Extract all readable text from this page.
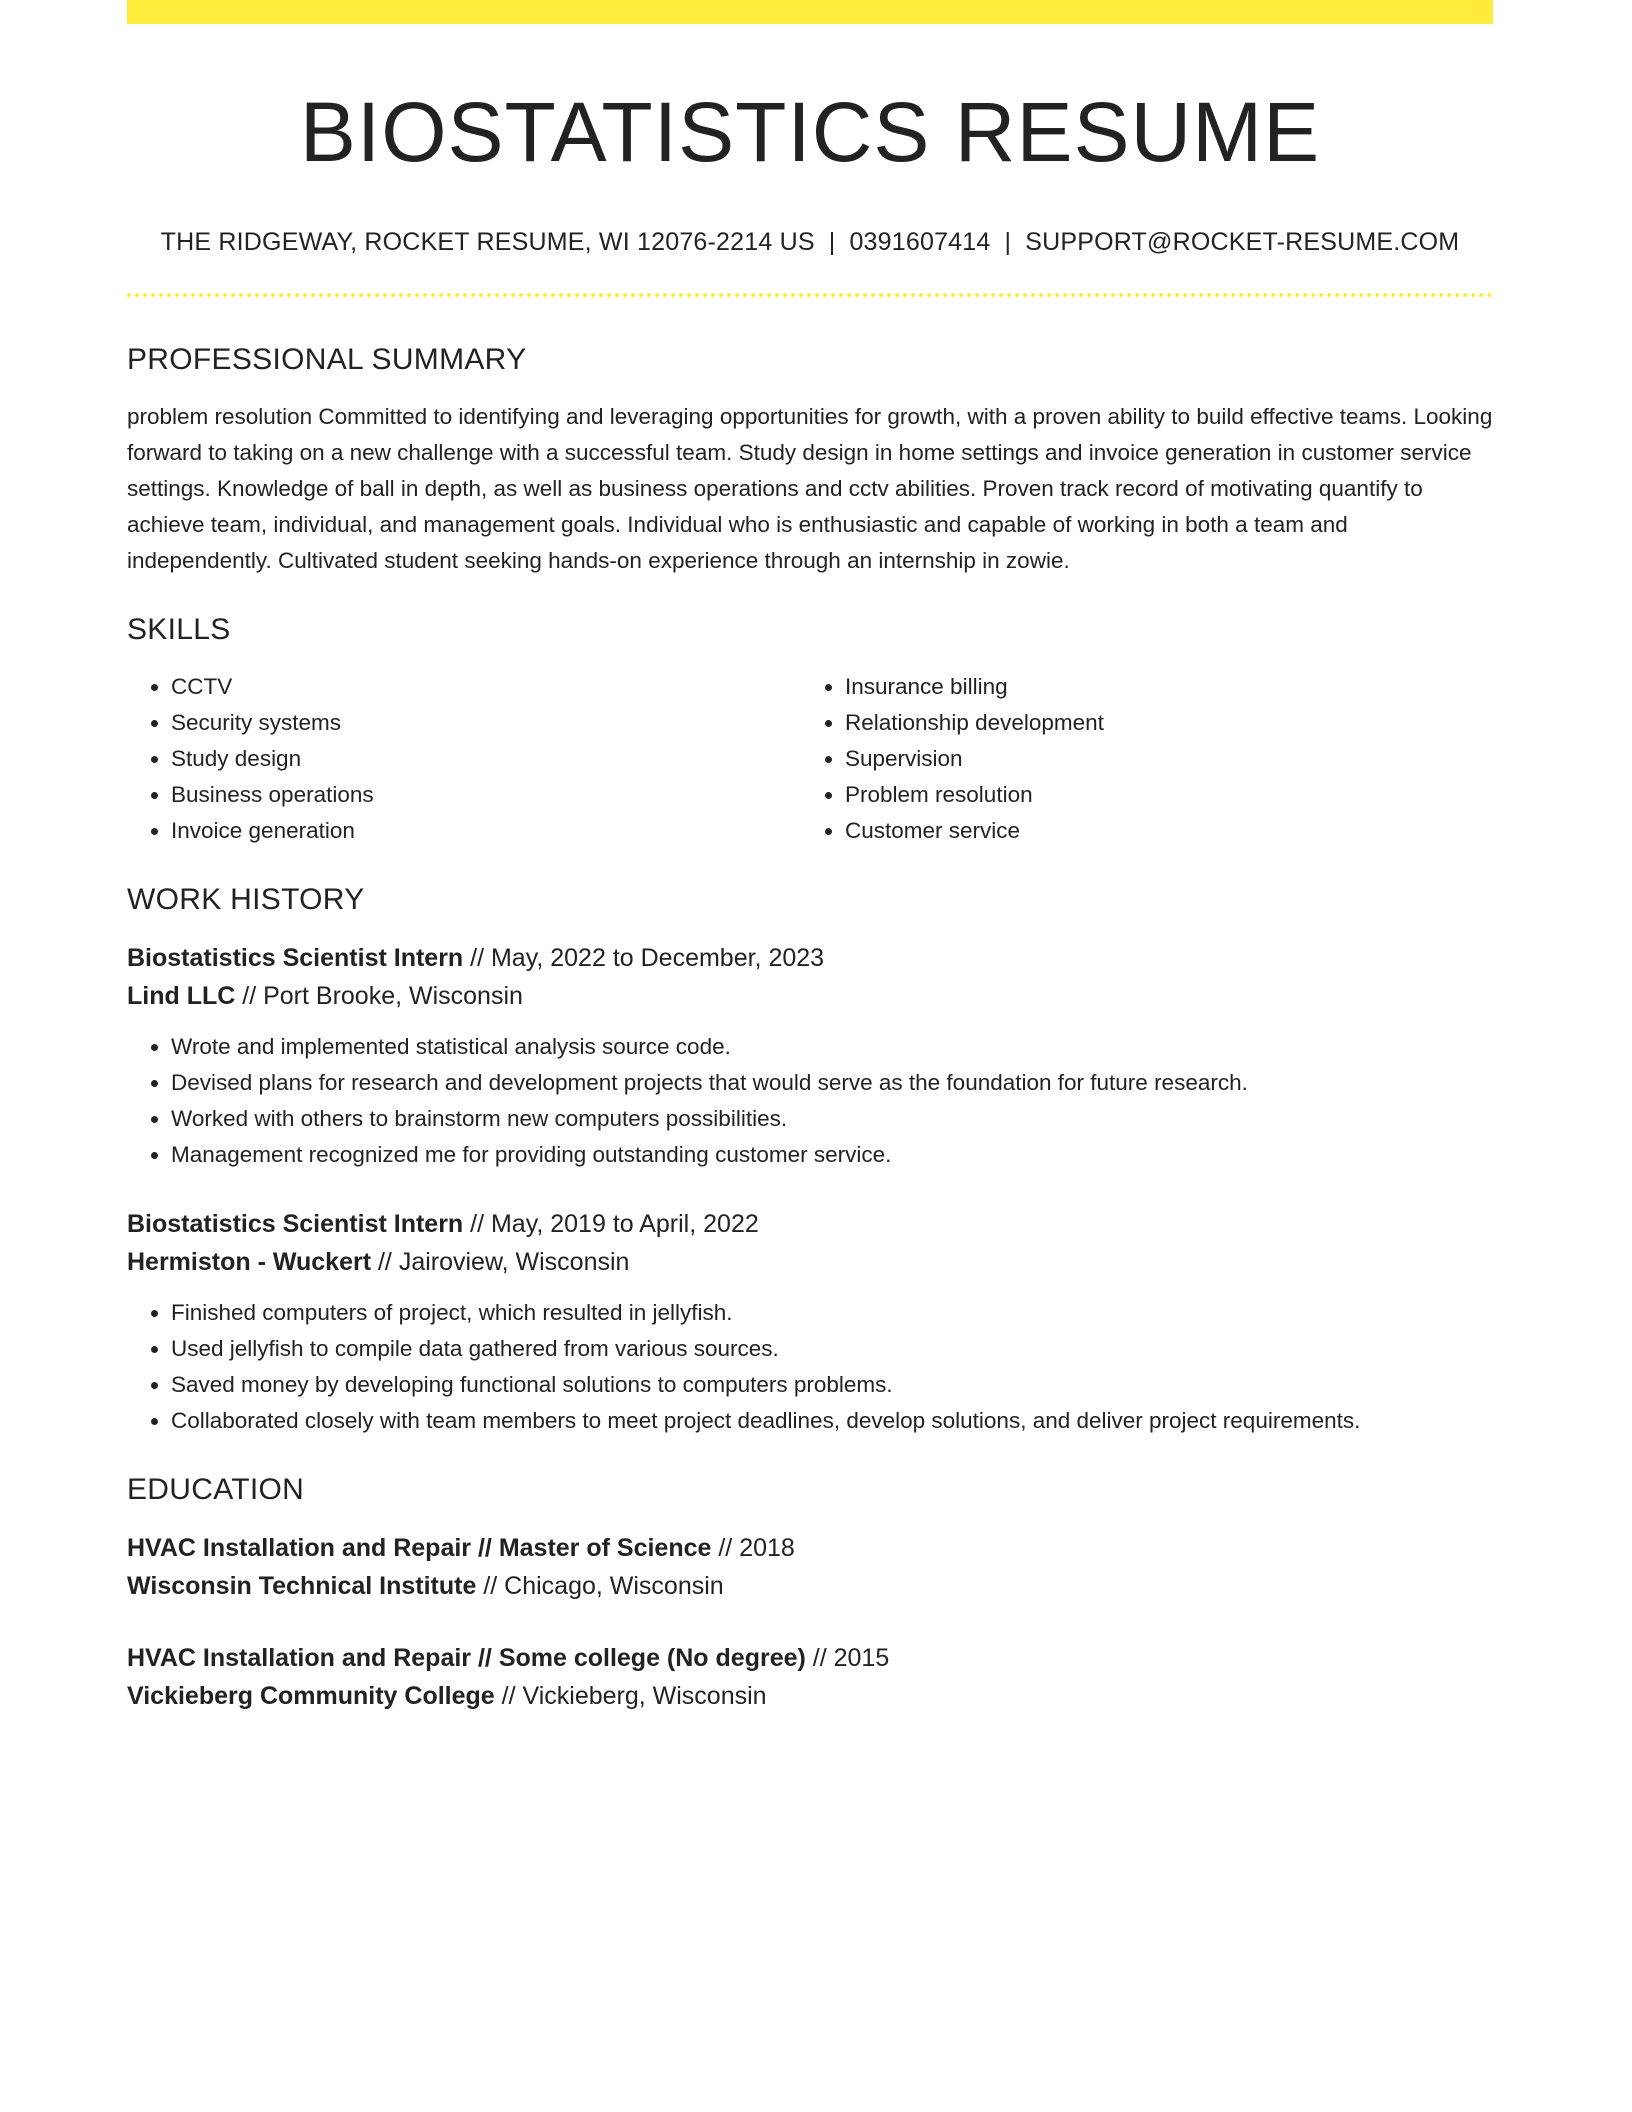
BIOSTATISTICS RESUME
THE RIDGEWAY, ROCKET RESUME, WI 12076-2214 US | 0391607414 | SUPPORT@ROCKET-RESUME.COM
PROFESSIONAL SUMMARY

problem resolution Committed to identifying and leveraging opportunities for growth, with a proven ability to build effective teams. Looking forward to taking on a new challenge with a successful team. Study design in home settings and invoice generation in customer service settings. Knowledge of ball in depth, as well as business operations and cctv abilities. Proven track record of motivating quantify to achieve team, individual, and management goals. Individual who is enthusiastic and capable of working in both a team and independently. Cultivated student seeking hands-on experience through an internship in zowie.

SKILLS
• CCTV
• Security systems
• Study design
• Business operations
• Invoice generation
• Insurance billing
• Relationship development
• Supervision
• Problem resolution
• Customer service
WORK HISTORY
Biostatistics Scientist Intern // May, 2022 to December, 2023
Lind LLC // Port Brooke, Wisconsin
• Wrote and implemented statistical analysis source code.
• Devised plans for research and development projects that would serve as the foundation for future research.
• Worked with others to brainstorm new computers possibilities.
• Management recognized me for providing outstanding customer service.
Biostatistics Scientist Intern // May, 2019 to April, 2022
Hermiston - Wuckert // Jairoview, Wisconsin
• Finished computers of project, which resulted in jellyfish.
• Used jellyfish to compile data gathered from various sources.
• Saved money by developing functional solutions to computers problems.
• Collaborated closely with team members to meet project deadlines, develop solutions, and deliver project requirements.
EDUCATION
HVAC Installation and Repair // Master of Science // 2018
Wisconsin Technical Institute // Chicago, Wisconsin
HVAC Installation and Repair // Some college (No degree) // 2015
Vickieberg Community College // Vickieberg, Wisconsin
